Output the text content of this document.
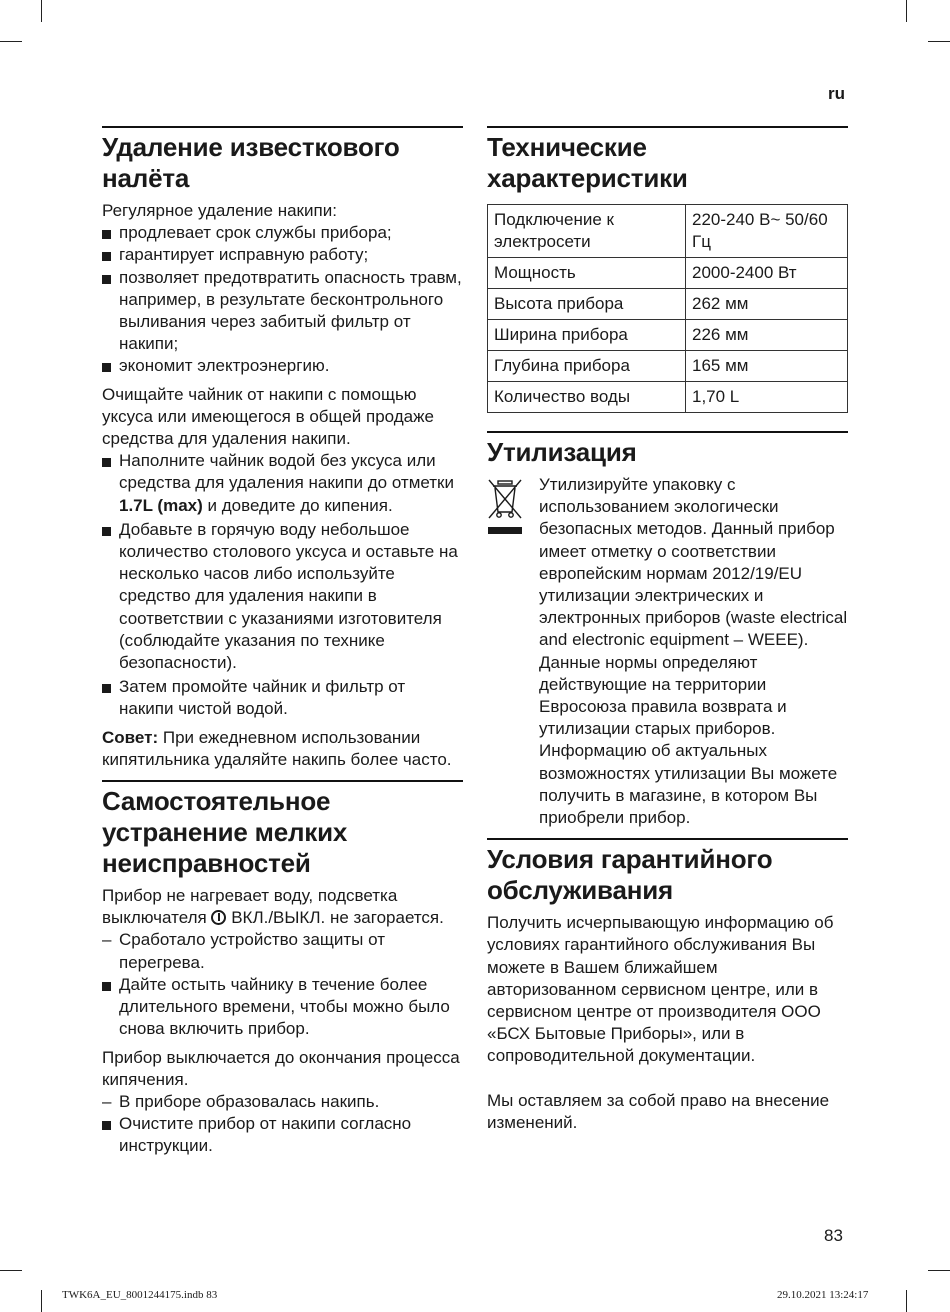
ru
Удаление известкового налёта

Регулярное удаление накипи:

продлевает срок службы прибора;
гарантирует исправную работу;
позволяет предотвратить опасность травм, например, в результате бесконтрольного выливания через забитый фильтр от накипи;
экономит электроэнергию.

Очищайте чайник от накипи с помощью уксуса или имеющегося в общей продаже средства для удаления накипи.

Наполните чайник водой без уксуса или средства для удаления накипи до отметки 1.7L (max) и доведите до кипения.
Добавьте в горячую воду небольшое количество столового уксуса и оставьте на несколько часов либо используйте средство для удаления накипи в соответствии с указаниями изготовителя (соблюдайте указания по технике безопасности).
Затем промойте чайник и фильтр от накипи чистой водой.

Совет: При ежедневном использовании кипятильника удаляйте накипь более часто.

Самостоятельное устранение мелких неисправностей

Прибор не нагревает воду, подсветка выключателя ВКЛ./ВЫКЛ. не загорается.

– Сработало устройство защиты от перегрева.
Дайте остыть чайнику в течение более длительного времени, чтобы можно было снова включить прибор.

Прибор выключается до окончания процесса кипячения.

– В приборе образовалась накипь.
Очистите прибор от накипи согласно инструкции.
Технические характеристики
Подключение к электросети	220-240 В~ 50/60 Гц
Мощность	2000-2400 Вт
Высота прибора	262 мм
Ширина прибора	226 мм
Глубина прибора	165 мм
Количество воды	1,70 L
Утилизация

Утилизируйте упаковку с использованием экологически безопасных методов. Данный прибор имеет отметку о соответствии европейским нормам 2012/19/EU утилизации электрических и электронных приборов (waste electrical and electronic equipment – WEEE). Данные нормы определяют действующие на территории Евросоюза правила возврата и утилизации старых приборов. Информацию об актуальных возможностях утилизации Вы можете получить в магазине, в котором Вы приобрели прибор.

Условия гарантийного обслуживания

Получить исчерпывающую информацию об условиях гарантийного обслуживания Вы можете в Вашем ближайшем авторизованном сервисном центре, или в сервисном центре от производителя ООО «БСХ Бытовые Приборы», или в сопроводительной документации.

Мы оставляем за собой право на внесение изменений.

83
TWK6A_EU_8001244175.indb 83	29.10.2021 13:24:17
